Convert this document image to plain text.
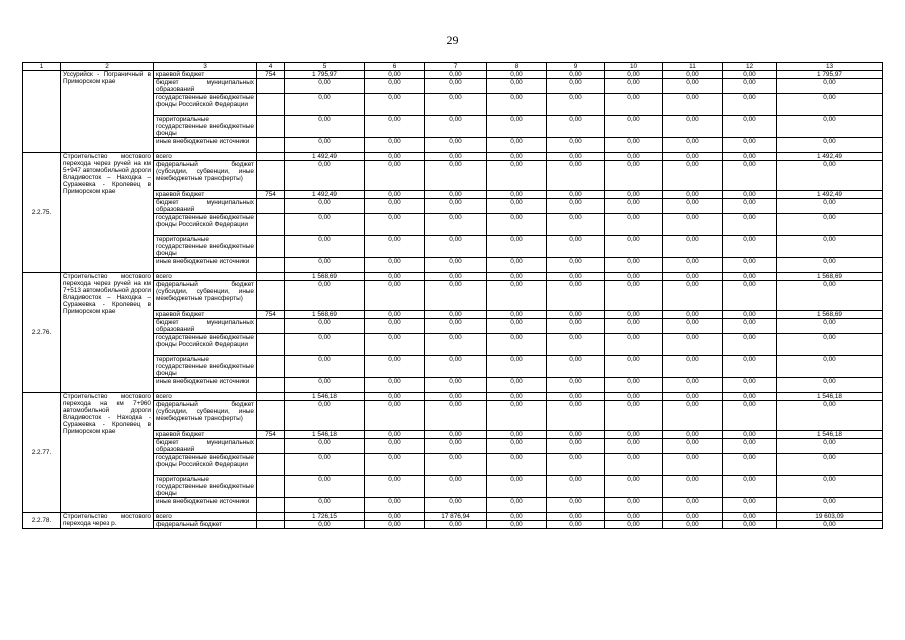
29
1	2	3	4	5	6	7	8	9	10	11	12	13
	Уссурийск - Пограничный в Приморском крае	краевой бюджет	754	1 795,97	0,00	0,00	0,00	0,00	0,00	0,00	0,00	1 795,97
		бюджет муниципальных образований		0,00	0,00	0,00	0,00	0,00	0,00	0,00	0,00	0,00
		государственные внебюджетные фонды Российской Федерации		0,00	0,00	0,00	0,00	0,00	0,00	0,00	0,00	0,00
		территориальные государственные внебюджетные фонды		0,00	0,00	0,00	0,00	0,00	0,00	0,00	0,00	0,00
		иные внебюджетные источники		0,00	0,00	0,00	0,00	0,00	0,00	0,00	0,00	0,00
2.2.75.	Строительство мостового перехода через ручей на км 5+947 автомобильной дороги Владивосток – Находка – Суражевка - Кролевец в Приморском крае	всего		1 492,49	0,00	0,00	0,00	0,00	0,00	0,00	0,00	1 492,49
		федеральный бюджет (субсидии, субвенции, иные межбюджетные трансферты)		0,00	0,00	0,00	0,00	0,00	0,00	0,00	0,00	0,00
		краевой бюджет	754	1 492,49	0,00	0,00	0,00	0,00	0,00	0,00	0,00	1 492,49
		бюджет муниципальных образований		0,00	0,00	0,00	0,00	0,00	0,00	0,00	0,00	0,00
		государственные внебюджетные фонды Российской Федерации		0,00	0,00	0,00	0,00	0,00	0,00	0,00	0,00	0,00
		территориальные государственные внебюджетные фонды		0,00	0,00	0,00	0,00	0,00	0,00	0,00	0,00	0,00
		иные внебюджетные источники		0,00	0,00	0,00	0,00	0,00	0,00	0,00	0,00	0,00
2.2.76.	Строительство мостового перехода через ручей на км 7+513 автомобильной дороги Владивосток – Находка – Суражевка - Кролевец в Приморском крае	всего		1 568,69	0,00	0,00	0,00	0,00	0,00	0,00	0,00	1 568,69
		федеральный бюджет (субсидии, субвенции, иные межбюджетные трансферты)		0,00	0,00	0,00	0,00	0,00	0,00	0,00	0,00	0,00
		краевой бюджет	754	1 568,69	0,00	0,00	0,00	0,00	0,00	0,00	0,00	1 568,69
		бюджет муниципальных образований		0,00	0,00	0,00	0,00	0,00	0,00	0,00	0,00	0,00
		государственные внебюджетные фонды Российской Федерации		0,00	0,00	0,00	0,00	0,00	0,00	0,00	0,00	0,00
		территориальные государственные внебюджетные фонды		0,00	0,00	0,00	0,00	0,00	0,00	0,00	0,00	0,00
		иные внебюджетные источники		0,00	0,00	0,00	0,00	0,00	0,00	0,00	0,00	0,00
2.2.77.	Строительство мостового перехода на км 7+960 автомобильной дороги Владивосток - Находка - Суражевка - Кролевец в Приморском крае	всего		1 546,18	0,00	0,00	0,00	0,00	0,00	0,00	0,00	1 546,18
		федеральный бюджет (субсидии, субвенции, иные межбюджетные трансферты)		0,00	0,00	0,00	0,00	0,00	0,00	0,00	0,00	0,00
		краевой бюджет	754	1 546,18	0,00	0,00	0,00	0,00	0,00	0,00	0,00	1 546,18
		бюджет муниципальных образований		0,00	0,00	0,00	0,00	0,00	0,00	0,00	0,00	0,00
		государственные внебюджетные фонды Российской Федерации		0,00	0,00	0,00	0,00	0,00	0,00	0,00	0,00	0,00
		территориальные государственные внебюджетные фонды		0,00	0,00	0,00	0,00	0,00	0,00	0,00	0,00	0,00
		иные внебюджетные источники		0,00	0,00	0,00	0,00	0,00	0,00	0,00	0,00	0,00
2.2.78.	Строительство мостового перехода через р.	всего		1 726,15	0,00	17 876,94	0,00	0,00	0,00	0,00	0,00	19 603,09
		федеральный бюджет		0,00	0,00	0,00	0,00	0,00	0,00	0,00	0,00	0,00
